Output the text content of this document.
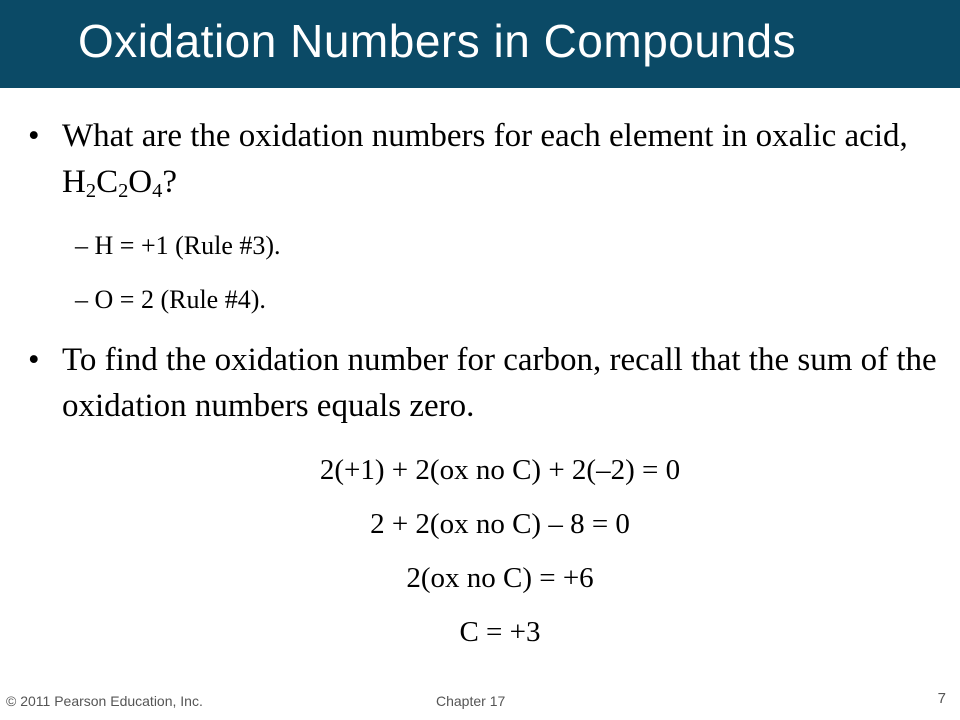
Oxidation Numbers in Compounds
• What are the oxidation numbers for each element in oxalic acid, $H_2C_2O_4$?
– H = +1 (Rule #3).
– O = 2 (Rule #4).
• To find the oxidation number for carbon, recall that the sum of the oxidation numbers equals zero.
2(+1) + 2(ox no C) + 2(–2) = 0
2 + 2(ox no C) – 8 = 0
2(ox no C) = +6
C = +3
© 2011 Pearson Education, Inc.	Chapter 17	7
